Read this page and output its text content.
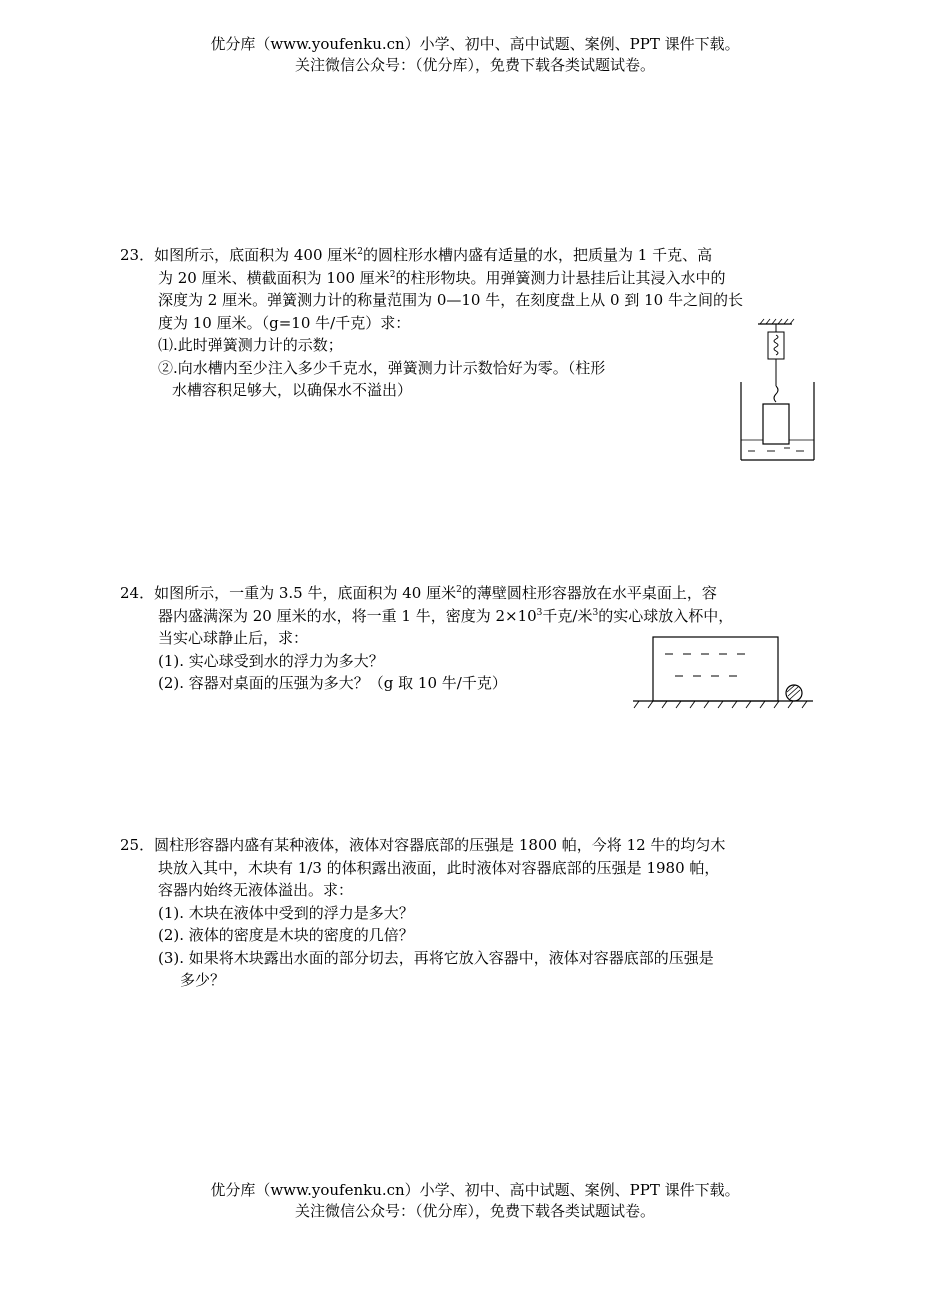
优分库（www.youfenku.cn）小学、初中、高中试题、案例、PPT 课件下载。
关注微信公众号：（优分库），免费下载各类试题试卷。
23．如图所示，底面积为 400 厘米$^2$的圆柱形水槽内盛有适量的水，把质量为 1 千克、高
为 20 厘米、横截面积为 100 厘米$^2$的柱形物块。用弹簧测力计悬挂后让其浸入水中的
深度为 2 厘米。弹簧测力计的称量范围为 0—10 牛，在刻度盘上从 0 到 10 牛之间的长
度为 10 厘米。（g=10 牛/千克）求：
⑴.此时弹簧测力计的示数；
②.向水槽内至少注入多少千克水，弹簧测力计示数恰好为零。（柱形
水槽容积足够大，以确保水不溢出）
24．如图所示，一重为 3.5 牛，底面积为 40 厘米$^2$的薄壁圆柱形容器放在水平桌面上，容
器内盛满深为 20 厘米的水，将一重 1 牛，密度为 $2\times 10^3$千克/米$^3$的实心球放入杯中，
当实心球静止后，求：
(1). 实心球受到水的浮力为多大？
(2). 容器对桌面的压强为多大？（g 取 10 牛/千克）
25．圆柱形容器内盛有某种液体，液体对容器底部的压强是 1800 帕，今将 12 牛的均匀木
块放入其中，木块有 1/3 的体积露出液面，此时液体对容器底部的压强是 1980 帕，
容器内始终无液体溢出。求：
(1). 木块在液体中受到的浮力是多大？
(2). 液体的密度是木块的密度的几倍？
(3). 如果将木块露出水面的部分切去，再将它放入容器中，液体对容器底部的压强是
多少？
优分库（www.youfenku.cn）小学、初中、高中试题、案例、PPT 课件下载。
关注微信公众号：（优分库），免费下载各类试题试卷。
